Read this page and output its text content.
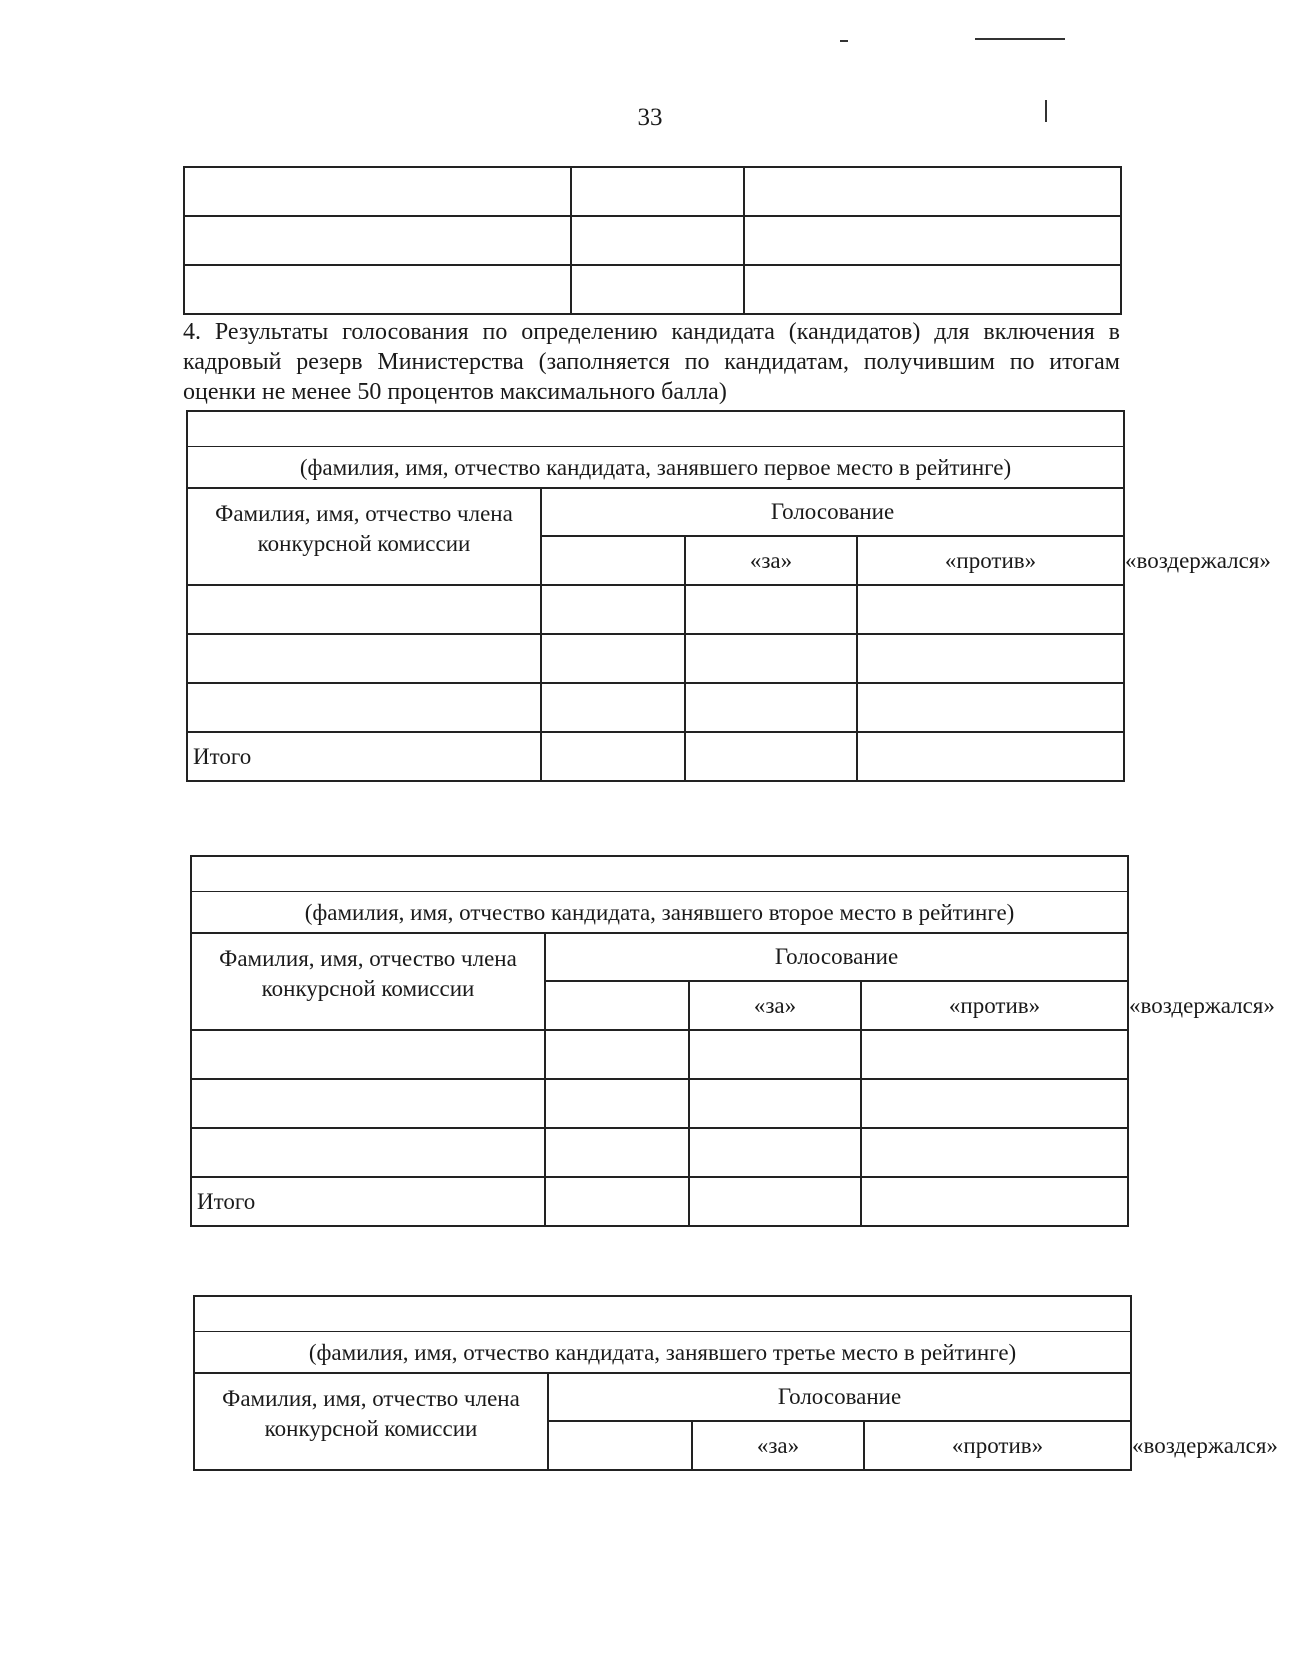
33

4. Результаты голосования по определению кандидата (кандидатов) для включения в кадровый резерв Министерства (заполняется по кандидатам, получившим по итогам оценки не менее 50 процентов максимального балла)
(фамилия, имя, отчество кандидата, занявшего первое место в рейтинге)				

Фамилия, имя, отчество члена конкурсной комиссии	Голосование			
		«за»	«против»	«воздержался»

Итого				
(фамилия, имя, отчество кандидата, занявшего второе место в рейтинге)				

Фамилия, имя, отчество члена конкурсной комиссии	Голосование			
		«за»	«против»	«воздержался»

Итого				
(фамилия, имя, отчество кандидата, занявшего третье место в рейтинге)				

Фамилия, имя, отчество члена конкурсной комиссии	Голосование			
		«за»	«против»	«воздержался»
